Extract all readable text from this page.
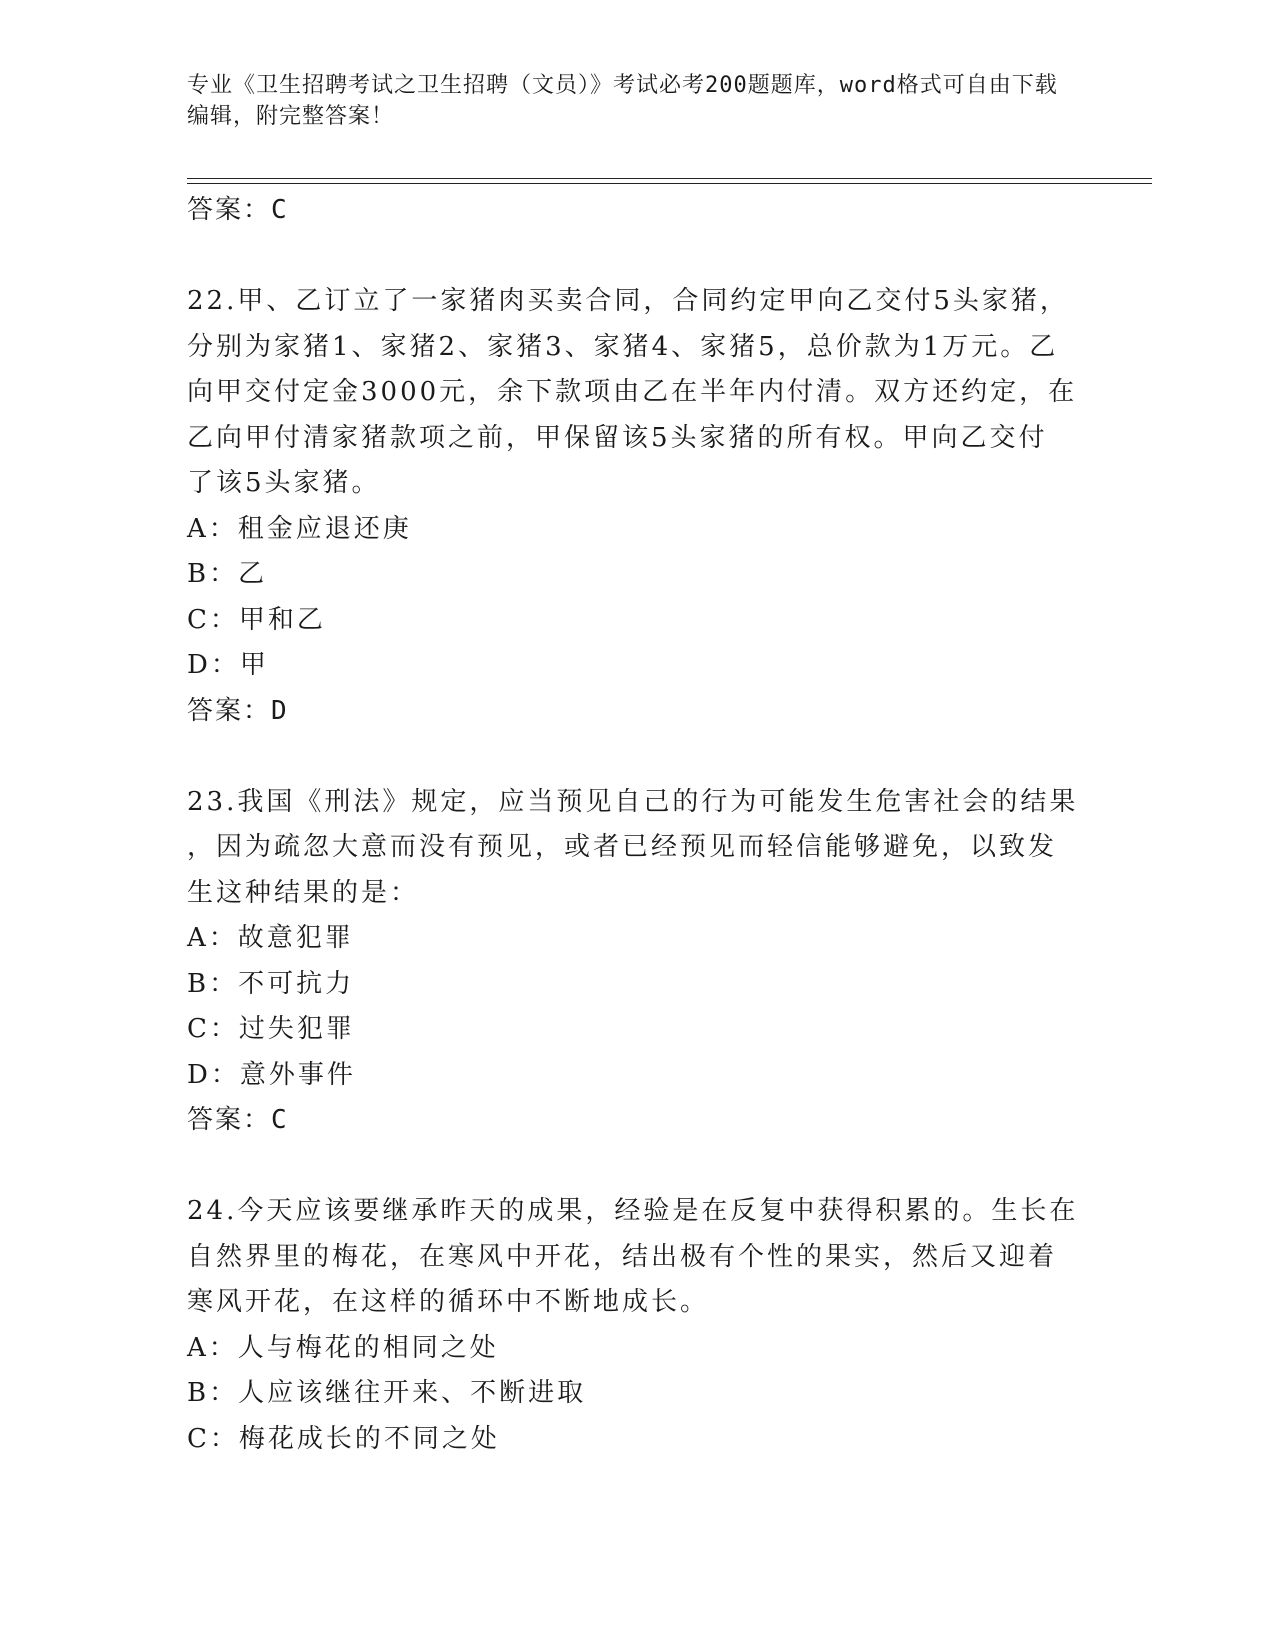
专业《卫生招聘考试之卫生招聘（文员）》考试必考200题题库，word格式可自由下载编辑，附完整答案！
答案：C
22.甲、乙订立了一家猪肉买卖合同，合同约定甲向乙交付5头家猪，
分别为家猪1、家猪2、家猪3、家猪4、家猪5，总价款为1万元。乙
向甲交付定金3000元，余下款项由乙在半年内付清。双方还约定，在
乙向甲付清家猪款项之前，甲保留该5头家猪的所有权。甲向乙交付
了该5头家猪。
A：租金应退还庚
B：乙
C：甲和乙
D：甲
答案：D
23.我国《刑法》规定，应当预见自己的行为可能发生危害社会的结果
，因为疏忽大意而没有预见，或者已经预见而轻信能够避免，以致发
生这种结果的是：
A：故意犯罪
B：不可抗力
C：过失犯罪
D：意外事件
答案：C
24.今天应该要继承昨天的成果，经验是在反复中获得积累的。生长在
自然界里的梅花，在寒风中开花，结出极有个性的果实，然后又迎着
寒风开花，在这样的循环中不断地成长。
A：人与梅花的相同之处
B：人应该继往开来、不断进取
C：梅花成长的不同之处
